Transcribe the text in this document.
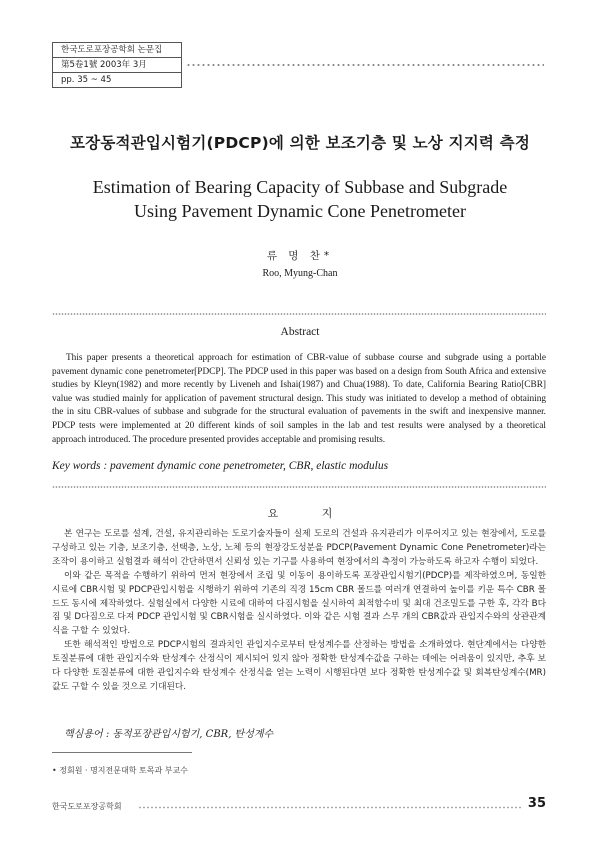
한국도로포장공학회 논문집
第5卷1號 2003年 3月
pp. 35 ~ 45
포장동적관입시험기(PDCP)에 의한 보조기층 및 노상 지지력 측정
Estimation of Bearing Capacity of Subbase and Subgrade
Using Pavement Dynamic Cone Penetrometer
류 명 찬*
Roo, Myung-Chan
Abstract

This paper presents a theoretical approach for estimation of CBR-value of subbase course and subgrade using a portable pavement dynamic cone penetrometer[PDCP]. The PDCP used in this paper was based on a design from South Africa and extensive studies by Kleyn(1982) and more recently by Liveneh and Ishai(1987) and Chua(1988). To date, California Bearing Ratio[CBR] value was studied mainly for application of pavement structural design. This study was initiated to develop a method of obtaining the in situ CBR-values of subbase and subgrade for the structural evaluation of pavements in the swift and inexpensive manner. PDCP tests were implemented at 20 different kinds of soil samples in the lab and test results were analysed by a theoretical approach introduced. The procedure presented provides acceptable and promising results.

Key words : pavement dynamic cone penetrometer, CBR, elastic modulus
요 지

본 연구는 도로를 설계, 건설, 유지관리하는 도로기술자들이 실제 도로의 건설과 유지관리가 이루어지고 있는 현장에서, 도로를 구성하고 있는 기층, 보조기층, 선택층, 노상, 노체 등의 현장강도성분을 PDCP(Pavement Dynamic Cone Penetrometer)라는 조작이 용이하고 실험결과 해석이 간단하면서 신뢰성 있는 기구를 사용하여 현장에서의 측정이 가능하도록 하고자 수행이 되었다.

이와 같은 목적을 수행하기 위하여 먼저 현장에서 조립 및 이동이 용이하도록 포장관입시험기(PDCP)를 제작하였으며, 동일한 시료에 CBR시험 및 PDCP관입시험을 시행하기 위하여 기존의 직경 15cm CBR 몰드를 여러개 연결하여 높이를 키운 특수 CBR 몰드도 동시에 제작하였다. 실험실에서 다양한 시료에 대하여 다짐시험을 실시하여 최적함수비 및 최대 건조밀도를 구한 후, 각각 B다짐 및 D다짐으로 다져 PDCP 관입시험 및 CBR시험을 실시하였다. 이와 같은 시험 결과 스무 개의 CBR값과 관입지수와의 상관관계식을 구할 수 있었다.

또한 해석적인 방법으로 PDCP시험의 결과치인 관입지수로부터 탄성계수를 산정하는 방법을 소개하였다. 현단계에서는 다양한 토질분류에 대한 관입지수와 탄성계수 산정식이 제시되어 있지 않아 정확한 탄성계수값을 구하는 데에는 어려움이 있지만, 추후 보다 다양한 토질분류에 대한 관입지수와 탄성계수 산정식을 얻는 노력이 시행된다면 보다 정확한 탄성계수값 및 회복탄성계수(MR)값도 구할 수 있을 것으로 기대된다.

핵심용어 : 동적포장관입시험기, CBR, 탄성계수
• 정회원 · 명지전문대학 토목과 부교수
한국도로포장공학회	35
